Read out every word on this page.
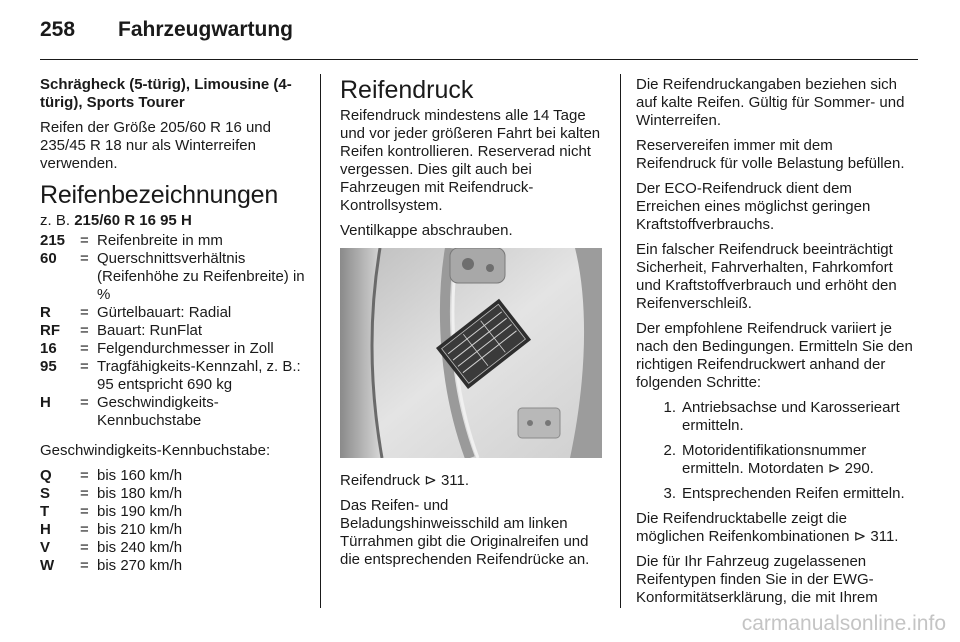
258 Fahrzeugwartung

Schrägheck (5-türig), Limousine (4-türig), Sports Tourer

Reifen der Größe 205/60 R 16 und 235/45 R 18 nur als Winterreifen verwenden.

Reifenbezeichnungen
z. B. 215/60 R 16 95 H
215 = Reifenbreite in mm
60	= Querschnittsverhältnis (Reifenhöhe zu Reifenbreite) in %
R	= Gürtelbauart: Radial
RF	= Bauart: RunFlat
16	= Felgendurchmesser in Zoll
95	= Tragfähigkeits-Kennzahl, z. B.: 95 entspricht 690 kg
H	= Geschwindigkeits-Kennbuchstabe

Geschwindigkeits-Kennbuchstabe:

Q	= bis 160 km/h
S	= bis 180 km/h
T	= bis 190 km/h
H	= bis 210 km/h
V	= bis 240 km/h
W	= bis 270 km/h
Reifendruck

Reifendruck mindestens alle 14 Tage und vor jeder größeren Fahrt bei kalten Reifen kontrollieren. Reserverad nicht vergessen. Dies gilt auch bei Fahrzeugen mit Reifendruck-Kontrollsystem.

Ventilkappe abschrauben.

Reifendruck ⊳ 311.

Das Reifen- und Beladungshinweisschild am linken Türrahmen gibt die Originalreifen und die entsprechenden Reifendrücke an.

Die Reifendruckangaben beziehen sich auf kalte Reifen. Gültig für Sommer- und Winterreifen.

Reservereifen immer mit dem Reifendruck für volle Belastung befüllen.

Der ECO-Reifendruck dient dem Erreichen eines möglichst geringen Kraftstoffverbrauchs.

Ein falscher Reifendruck beeinträchtigt Sicherheit, Fahrverhalten, Fahrkomfort und Kraftstoffverbrauch und erhöht den Reifenverschleiß.

Der empfohlene Reifendruck variiert je nach den Bedingungen. Ermitteln Sie den richtigen Reifendruckwert anhand der folgenden Schritte:

1. Antriebsachse und Karosserieart ermitteln.
2. Motoridentifikationsnummer ermitteln. Motordaten ⊳ 290.
3. Entsprechenden Reifen ermitteln.

Die Reifendrucktabelle zeigt die möglichen Reifenkombinationen ⊳ 311.

Die für Ihr Fahrzeug zugelassenen Reifentypen finden Sie in der EWG-Konformitätserklärung, die mit Ihrem

carmanualsonline.info
